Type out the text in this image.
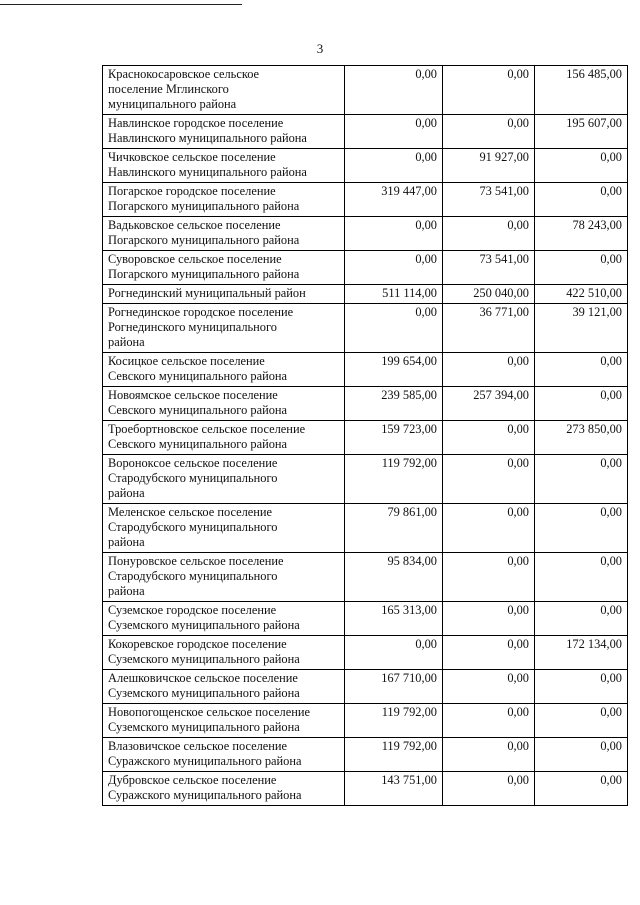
3
Краснокосаровское сельское
поселение Мглинского
муниципального района	0,00	0,00	156 485,00
Навлинское городское поселение
Навлинского муниципального района	0,00	0,00	195 607,00
Чичковское сельское поселение
Навлинского муниципального района	0,00	91 927,00	0,00
Погарское городское поселение
Погарского муниципального района	319 447,00	73 541,00	0,00
Вадьковское сельское поселение
Погарского муниципального района	0,00	0,00	78 243,00
Суворовское сельское поселение
Погарского муниципального района	0,00	73 541,00	0,00
Рогнединский муниципальный район	511 114,00	250 040,00	422 510,00
Рогнединское городское поселение
Рогнединского муниципального
района	0,00	36 771,00	39 121,00
Косицкое сельское поселение
Севского муниципального района	199 654,00	0,00	0,00
Новоямское сельское поселение
Севского муниципального района	239 585,00	257 394,00	0,00
Троебортновское сельское поселение
Севского муниципального района	159 723,00	0,00	273 850,00
Вороноксое сельское поселение
Стародубского муниципального
района	119 792,00	0,00	0,00
Меленское сельское поселение
Стародубского муниципального
района	79 861,00	0,00	0,00
Понуровское сельское поселение
Стародубского муниципального
района	95 834,00	0,00	0,00
Суземское городское поселение
Суземского муниципального района	165 313,00	0,00	0,00
Кокоревское городское поселение
Суземского муниципального района	0,00	0,00	172 134,00
Алешковичское сельское поселение
Суземского муниципального района	167 710,00	0,00	0,00
Новопогощенское сельское поселение
Суземского муниципального района	119 792,00	0,00	0,00
Влазовичское сельское поселение
Суражского муниципального района	119 792,00	0,00	0,00
Дубровское сельское поселение
Суражского муниципального района	143 751,00	0,00	0,00
